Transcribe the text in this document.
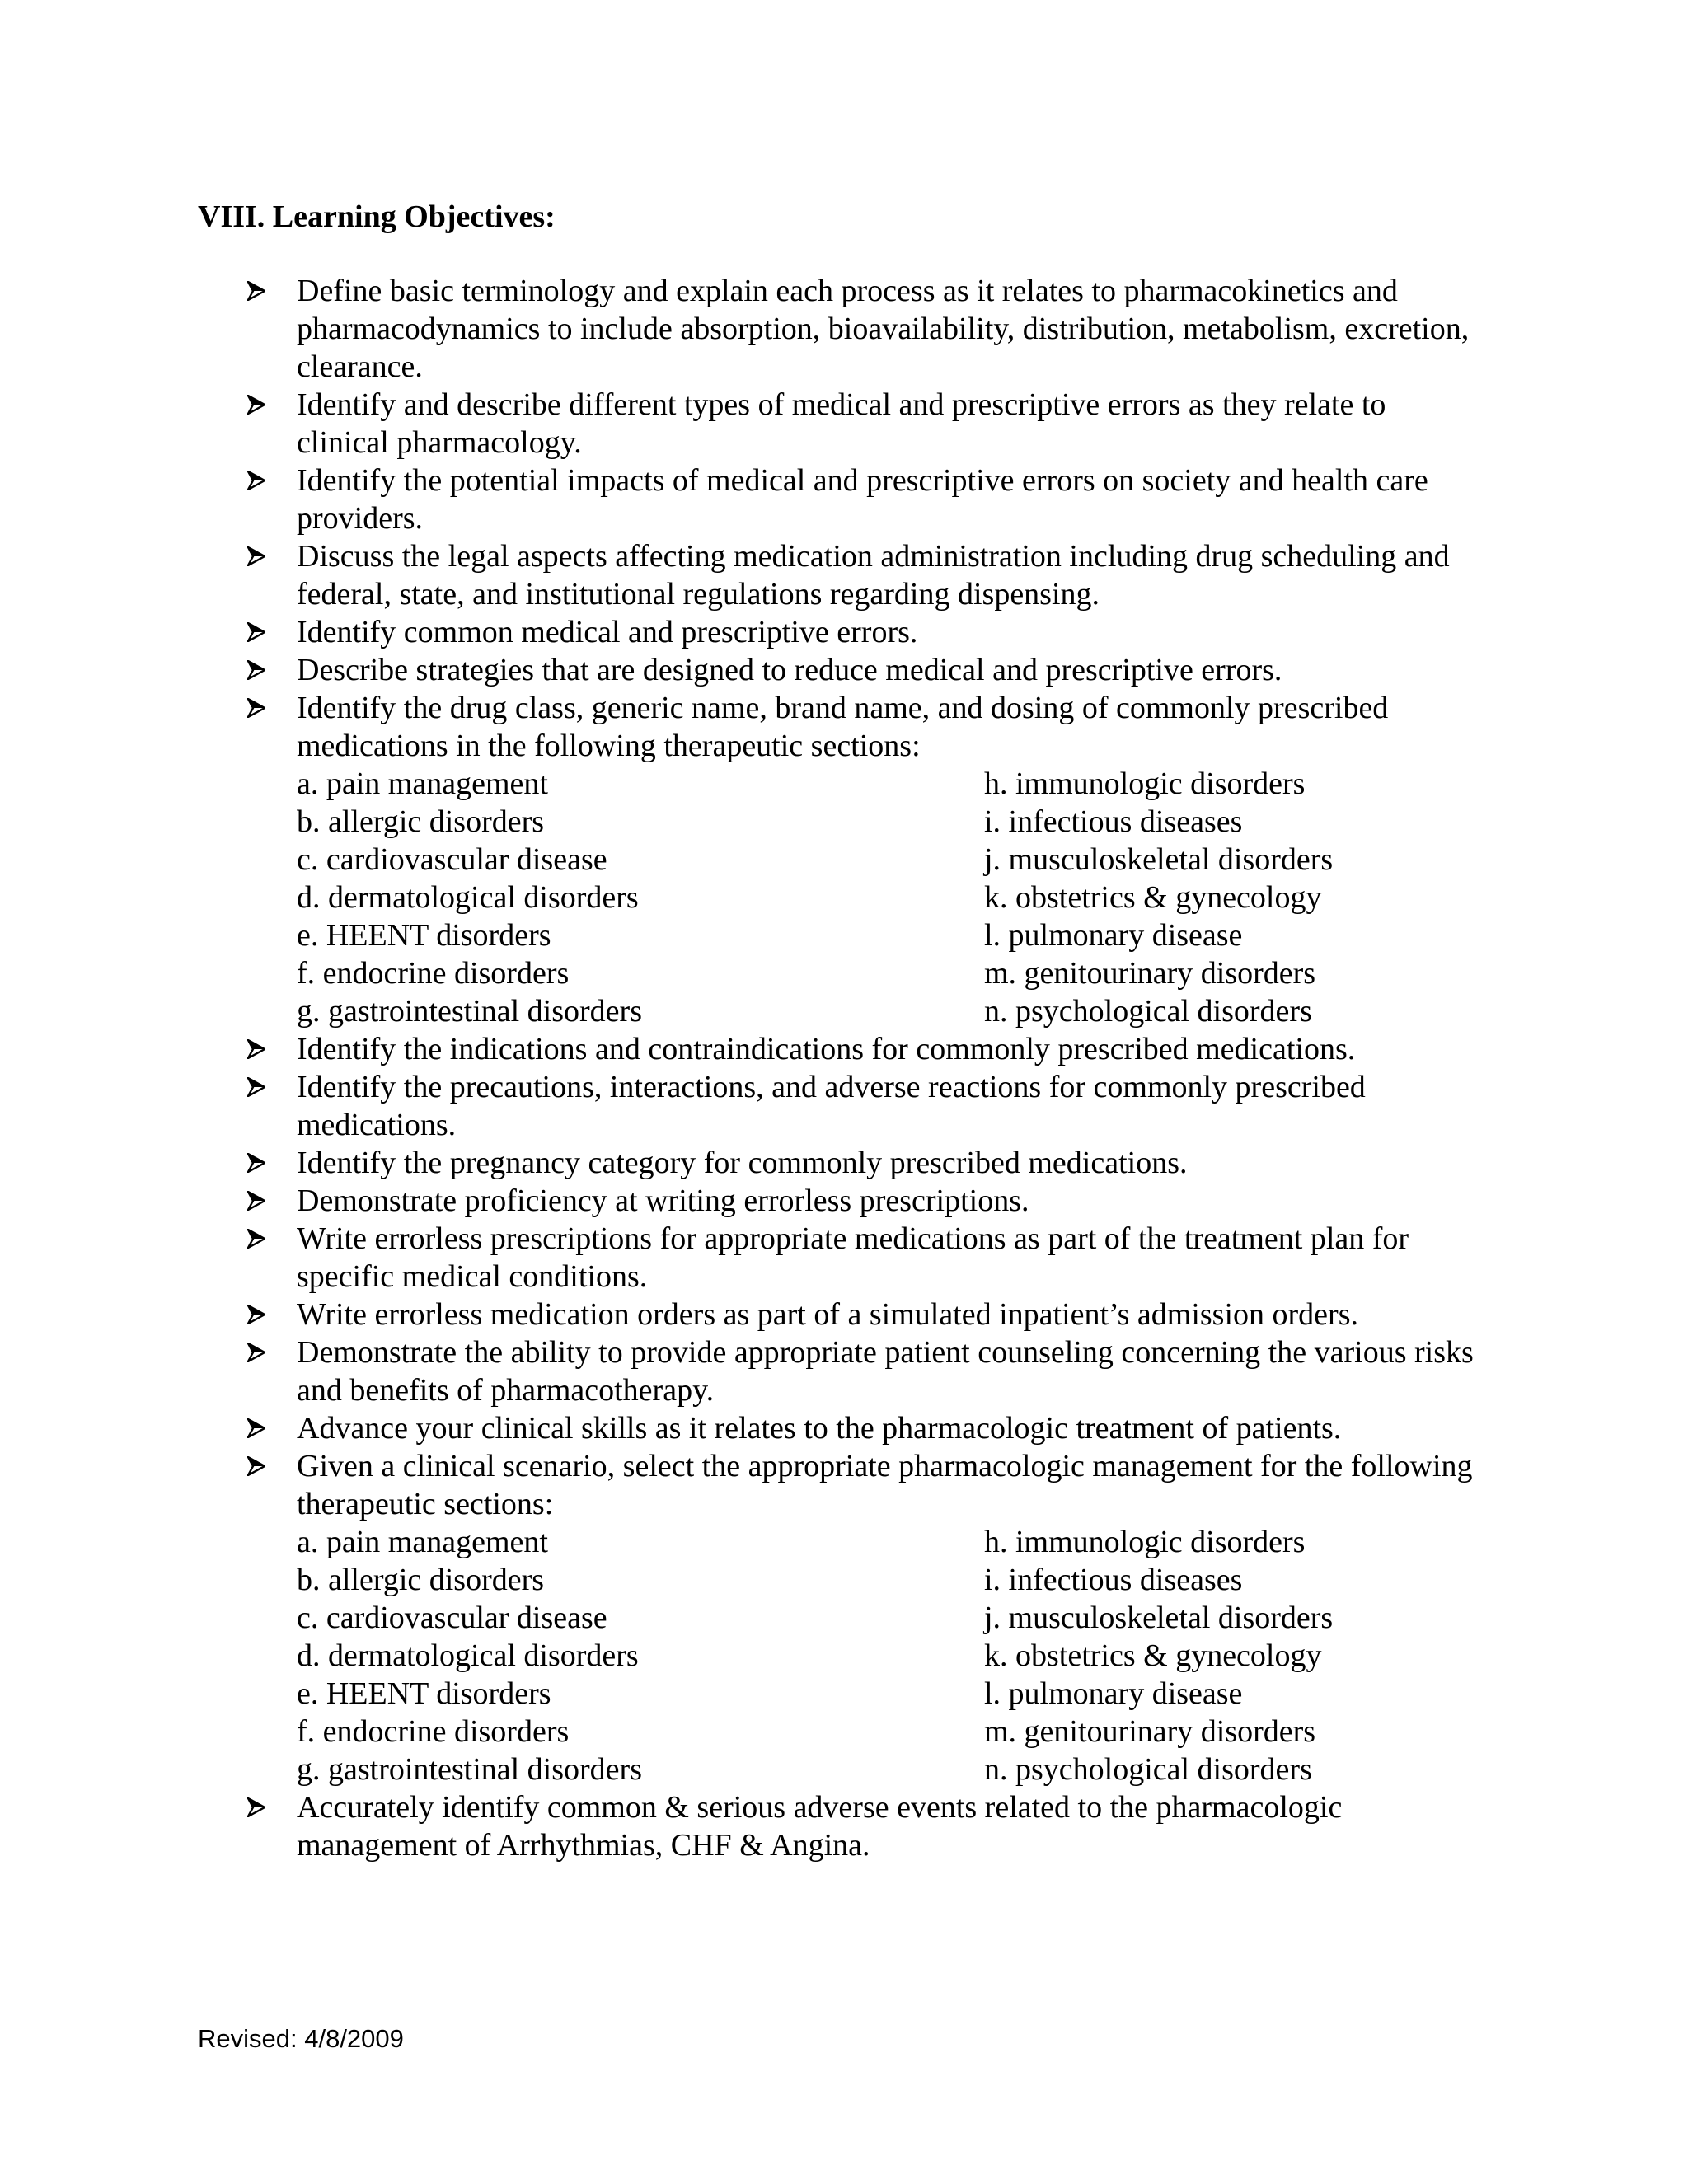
VIII. Learning Objectives:
Define basic terminology and explain each process as it relates to pharmacokinetics and pharmacodynamics to include absorption, bioavailability, distribution, metabolism, excretion, clearance.
Identify and describe different types of medical and prescriptive errors as they relate to clinical pharmacology.
Identify the potential impacts of medical and prescriptive errors on society and health care providers.
Discuss the legal aspects affecting medication administration including drug scheduling and federal, state, and institutional regulations regarding dispensing.
Identify common medical and prescriptive errors.
Describe strategies that are designed to reduce medical and prescriptive errors.
Identify the drug class, generic name, brand name, and dosing of commonly prescribed medications in the following therapeutic sections:
a. pain management	h. immunologic disorders
b. allergic disorders	i. infectious diseases
c. cardiovascular disease	j. musculoskeletal disorders
d. dermatological disorders	k. obstetrics & gynecology
e. HEENT disorders	l. pulmonary disease
f. endocrine disorders	m. genitourinary disorders
g. gastrointestinal disorders	n. psychological disorders
Identify the indications and contraindications for commonly prescribed medications.
Identify the precautions, interactions, and adverse reactions for commonly prescribed medications.
Identify the pregnancy category for commonly prescribed medications.
Demonstrate proficiency at writing errorless prescriptions.
Write errorless prescriptions for appropriate medications as part of the treatment plan for specific medical conditions.
Write errorless medication orders as part of a simulated inpatient’s admission orders.
Demonstrate the ability to provide appropriate patient counseling concerning the various risks and benefits of pharmacotherapy.
Advance your clinical skills as it relates to the pharmacologic treatment of patients.
Given a clinical scenario, select the appropriate pharmacologic management for the following therapeutic sections:
a. pain management	h. immunologic disorders
b. allergic disorders	i. infectious diseases
c. cardiovascular disease	j. musculoskeletal disorders
d. dermatological disorders	k. obstetrics & gynecology
e. HEENT disorders	l. pulmonary disease
f. endocrine disorders	m. genitourinary disorders
g. gastrointestinal disorders	n. psychological disorders
Accurately identify common & serious adverse events related to the pharmacologic management of Arrhythmias, CHF & Angina.
Revised: 4/8/2009
